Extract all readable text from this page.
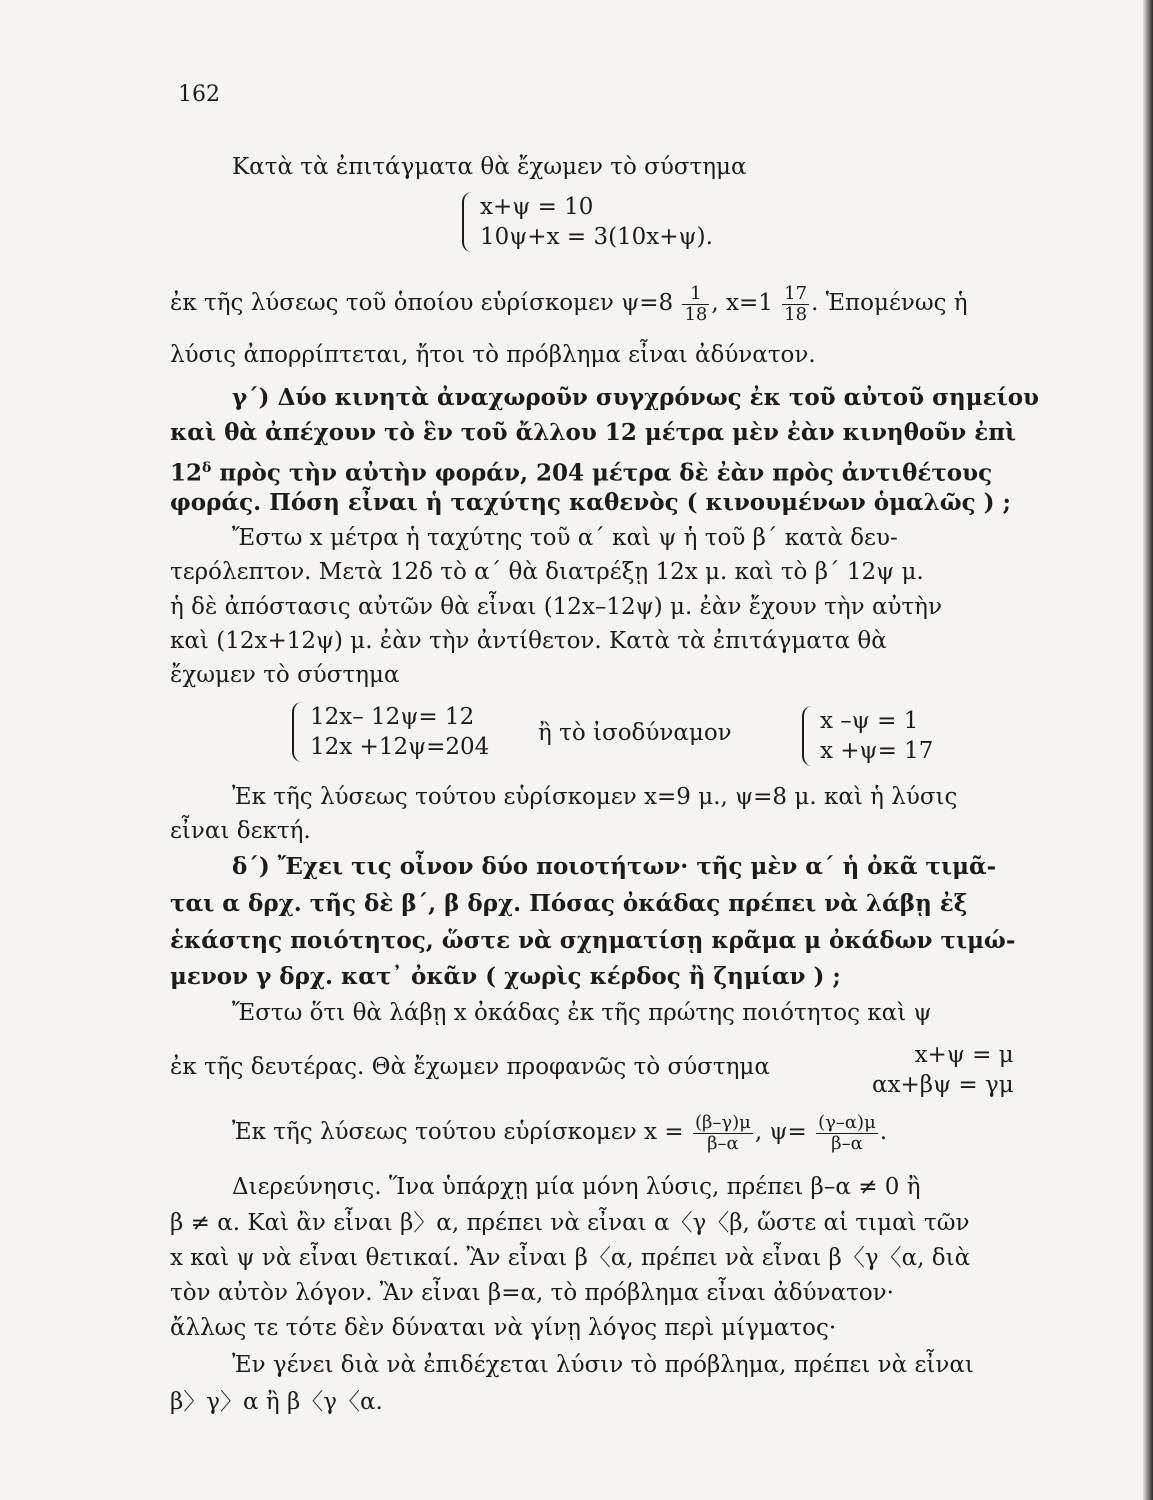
162
Κατὰ τὰ ἐπιτάγματα θὰ ἔχωμεν τὸ σύστημα
x+ψ = 10
10ψ+x = 3(10x+ψ).
ἐκ τῆς λύσεως τοῦ ὁποίου εὑρίσκομεν $\psi=8 \frac{1}{18}$ , $x=1 \frac{17}{18}$ . Ἑπομένως ἡ
λύσις ἀπορρίπτεται, ἤτοι τὸ πρόβλημα εἶναι ἀδύνατον.
γ΄) Δύο κινητὰ ἀναχωροῦν συγχρόνως ἐκ τοῦ αὐτοῦ σημείου
καὶ θὰ ἀπέχουν τὸ ἓν τοῦ ἄλλου 12 μέτρα μὲν ἐὰν κινηθοῦν ἐπὶ
$12^\delta$ πρὸς τὴν αὐτὴν φοράν, 204 μέτρα δὲ ἐὰν πρὸς ἀντιθέτους
φοράς. Πόση εἶναι ἡ ταχύτης καθενὸς ( κινουμένων ὁμαλῶς ) ;
Ἔστω x μέτρα ἡ ταχύτης τοῦ α΄ καὶ ψ ἡ τοῦ β΄ κατὰ δευ-
τερόλεπτον. Μετὰ 12δ τὸ α΄ θὰ διατρέξῃ 12x μ. καὶ τὸ β΄ 12ψ μ.
ἡ δὲ ἀπόστασις αὐτῶν θὰ εἶναι (12x–12ψ) μ. ἐὰν ἔχουν τὴν αὐτὴν
καὶ (12x+12ψ) μ. ἐὰν τὴν ἀντίθετον. Κατὰ τὰ ἐπιτάγματα θὰ
ἔχωμεν τὸ σύστημα
12x– 12ψ= 12
12x +12ψ=204
ἢ τὸ ἰσοδύναμον	x –ψ = 1
x +ψ= 17
Ἐκ τῆς λύσεως τούτου εὑρίσκομεν x=9 μ., ψ=8 μ. καὶ ἡ λύσις
εἶναι δεκτή.
δ΄) Ἔχει τις οἶνον δύο ποιοτήτων· τῆς μὲν α΄ ἡ ὀκᾶ τιμᾶ-
ται α δρχ. τῆς δὲ β΄, β δρχ. Πόσας ὀκάδας πρέπει νὰ λάβῃ ἐξ
ἑκάστης ποιότητος, ὥστε νὰ σχηματίσῃ κρᾶμα μ ὀκάδων τιμώ-
μενον γ δρχ. κατ᾽ ὀκᾶν ( χωρὶς κέρδος ἢ ζημίαν ) ;
Ἔστω ὅτι θὰ λάβῃ x ὀκάδας ἐκ τῆς πρώτης ποιότητος καὶ ψ
ἐκ τῆς δευτέρας. Θὰ ἔχωμεν προφανῶς τὸ σύστημα	x+ψ = μ
αx+βψ = γμ
Ἐκ τῆς λύσεως τούτου εὑρίσκομεν $x = \frac{(\beta-\gamma)\mu}{\beta-\alpha}$ , $\psi= \frac{(\gamma-\alpha)\mu}{\beta-\alpha}$ .
Διερεύνησις. Ἵνα ὑπάρχῃ μία μόνη λύσις, πρέπει β–α ≠ 0 ἢ
β ≠ α. Καὶ ἂν εἶναι β〉α, πρέπει νὰ εἶναι α〈γ〈β, ὥστε αἱ τιμαὶ τῶν
x καὶ ψ νὰ εἶναι θετικαί. Ἂν εἶναι β〈α, πρέπει νὰ εἶναι β〈γ〈α, διὰ
τὸν αὐτὸν λόγον. Ἂν εἶναι β=α, τὸ πρόβλημα εἶναι ἀδύνατον·
ἄλλως τε τότε δὲν δύναται νὰ γίνῃ λόγος περὶ μίγματος·
Ἐν γένει διὰ νὰ ἐπιδέχεται λύσιν τὸ πρόβλημα, πρέπει νὰ εἶναι
β〉γ〉α ἢ β〈γ〈α.
